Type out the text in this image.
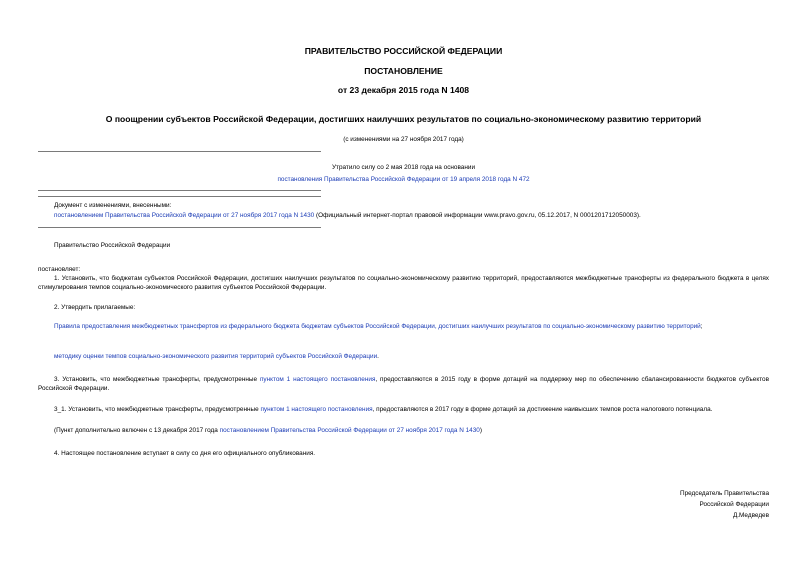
ПРАВИТЕЛЬСТВО РОССИЙСКОЙ ФЕДЕРАЦИИ
ПОСТАНОВЛЕНИЕ
от 23 декабря 2015 года N 1408
О поощрении субъектов Российской Федерации, достигших наилучших результатов по социально-экономическому развитию территорий
(с изменениями на 27 ноября 2017 года)
Утратило силу со 2 мая 2018 года на основании
постановления Правительства Российской Федерации от 19 апреля 2018 года N 472
Документ с изменениями, внесенными:
постановлением Правительства Российской Федерации от 27 ноября 2017 года N 1430 (Официальный интернет-портал правовой информации www.pravo.gov.ru, 05.12.2017, N 0001201712050003).
Правительство Российской Федерации
постановляет:
1. Установить, что бюджетам субъектов Российской Федерации, достигших наилучших результатов по социально-экономическому развитию территорий, предоставляются межбюджетные трансферты из федерального бюджета в целях стимулирования темпов социально-экономического развития субъектов Российской Федерации.
2. Утвердить прилагаемые:
Правила предоставления межбюджетных трансфертов из федерального бюджета бюджетам субъектов Российской Федерации, достигших наилучших результатов по социально-экономическому развитию территорий;
методику оценки темпов социально-экономического развития территорий субъектов Российской Федерации.
3. Установить, что межбюджетные трансферты, предусмотренные пунктом 1 настоящего постановления, предоставляются в 2015 году в форме дотаций на поддержку мер по обеспечению сбалансированности бюджетов субъектов Российской Федерации.
3_1. Установить, что межбюджетные трансферты, предусмотренные пунктом 1 настоящего постановления, предоставляются в 2017 году в форме дотаций за достижение наивысших темпов роста налогового потенциала.
(Пункт дополнительно включен с 13 декабря 2017 года постановлением Правительства Российской Федерации от 27 ноября 2017 года N 1430)
4. Настоящее постановление вступает в силу со дня его официального опубликования.
Председатель Правительства
Российской Федерации
Д.Медведев
